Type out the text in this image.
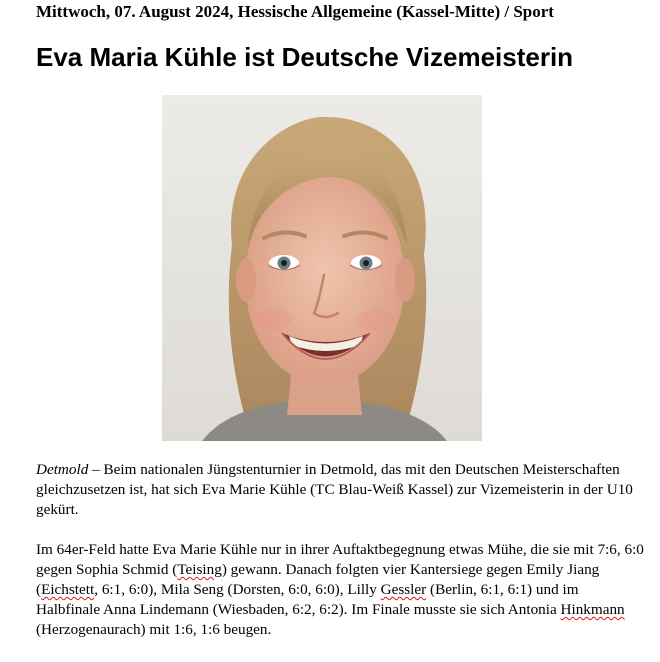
Mittwoch, 07. August 2024, Hessische Allgemeine (Kassel-Mitte) / Sport
Eva Maria Kühle ist Deutsche Vizemeisterin
Detmold – Beim nationalen Jüngstenturnier in Detmold, das mit den Deutschen Meisterschaften gleichzusetzen ist, hat sich Eva Marie Kühle (TC Blau-Weiß Kassel) zur Vizemeisterin in der U10 gekürt.
Im 64er-Feld hatte Eva Marie Kühle nur in ihrer Auftaktbegegnung etwas Mühe, die sie mit 7:6, 6:0 gegen Sophia Schmid (Teising) gewann. Danach folgten vier Kantersiege gegen Emily Jiang (Eichstett, 6:1, 6:0), Mila Seng (Dorsten, 6:0, 6:0), Lilly Gessler (Berlin, 6:1, 6:1) und im Halbfinale Anna Lindemann (Wiesbaden, 6:2, 6:2). Im Finale musste sie sich Antonia Hinkmann (Herzogenaurach) mit 1:6, 1:6 beugen.
